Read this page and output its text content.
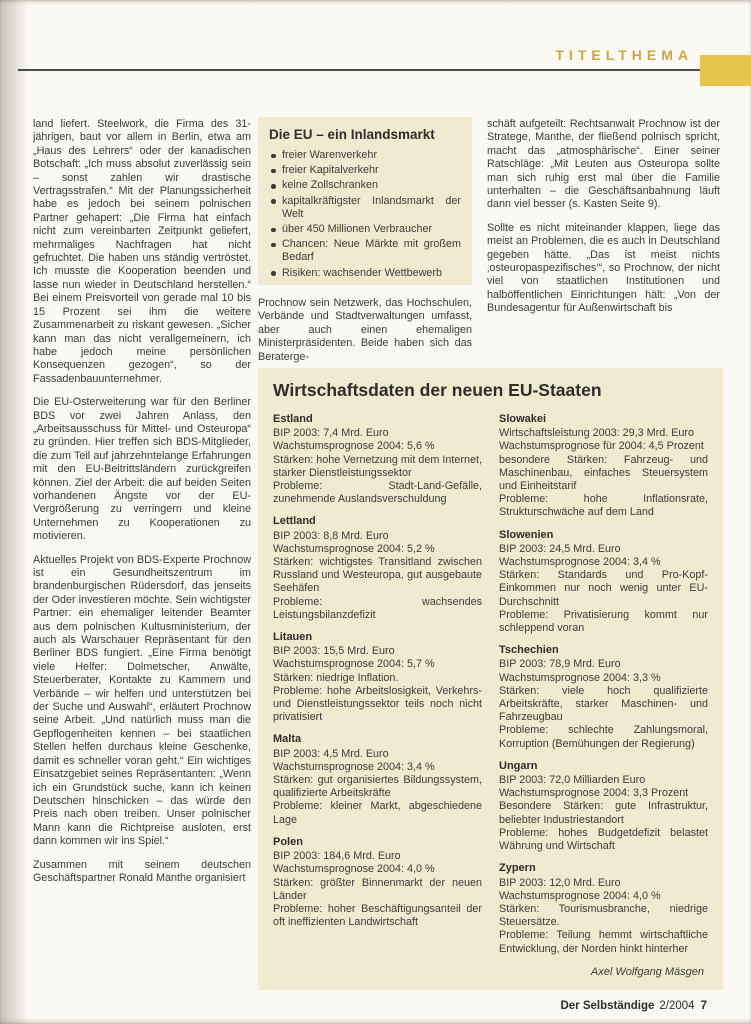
TITELTHEMA

land liefert. Steelwork, die Firma des 31-jährigen, baut vor allem in Berlin, etwa am „Haus des Lehrers“ oder der kanadischen Botschaft: „Ich muss absolut zuverlässig sein – sonst zahlen wir drastische Vertragsstrafen.“ Mit der Planungssicherheit habe es jedoch bei seinem polnischen Partner gehapert: „Die Firma hat einfach nicht zum vereinbarten Zeitpunkt geliefert, mehrmaliges Nachfragen hat nicht gefruchtet. Die haben uns ständig vertröstet. Ich musste die Kooperation beenden und lasse nun wieder in Deutschland herstellen.“ Bei einem Preisvorteil von gerade mal 10 bis 15 Prozent sei ihm die weitere Zusammenarbeit zu riskant gewesen. „Sicher kann man das nicht verallgemeinern, ich habe jedoch meine persönlichen Konsequenzen gezogen“, so der Fassadenbauunternehmer.

Die EU-Osterweiterung war für den Berliner BDS vor zwei Jahren Anlass, den „Arbeitsausschuss für Mittel- und Osteuropa“ zu gründen. Hier treffen sich BDS-Mitglieder, die zum Teil auf jahrzehntelange Erfahrungen mit den EU-Beitrittsländern zurückgreifen können. Ziel der Arbeit: die auf beiden Seiten vorhandenen Ängste vor der EU-Vergrößerung zu verringern und kleine Unternehmen zu Kooperationen zu motivieren.

Aktuelles Projekt von BDS-Experte Prochnow ist ein Gesundheitszentrum im brandenburgischen Rüdersdorf, das jenseits der Oder investieren möchte. Sein wichtigster Partner: ein ehemaliger leitender Beamter aus dem polnischen Kultusministerium, der auch als Warschauer Repräsentant für den Berliner BDS fungiert. „Eine Firma benötigt viele Helfer: Dolmetscher, Anwälte, Steuerberater, Kontakte zu Kammern und Verbände – wir helfen und unterstützen bei der Suche und Auswahl“, erläutert Prochnow seine Arbeit. „Und natürlich muss man die Gepflogenheiten kennen – bei staatlichen Stellen helfen durchaus kleine Geschenke, damit es schneller voran geht.“ Ein wichtiges Einsatzgebiet seines Repräsentanten: „Wenn ich ein Grundstück suche, kann ich keinen Deutschen hinschicken – das würde den Preis nach oben treiben. Unser polnischer Mann kann die Richtpreise ausloten, erst dann kommen wir ins Spiel.“

Zusammen mit seinem deutschen Geschäftspartner Ronald Manthe organisiert

Die EU – ein Inlandsmarkt
freier Warenverkehr
freier Kapitalverkehr
keine Zollschranken
kapitalkräftigster Inlandsmarkt der Welt
über 450 Millionen Verbraucher
Chancen: Neue Märkte mit großem Bedarf
Risiken: wachsender Wettbewerb

Prochnow sein Netzwerk, das Hochschulen, Verbände und Stadtverwaltungen umfasst, aber auch einen ehemaligen Ministerpräsidenten. Beide haben sich das Beraterge-

schäft aufgeteilt: Rechtsanwalt Prochnow ist der Stratege, Manthe, der fließend polnisch spricht, macht das „atmosphärische“. Einer seiner Ratschläge: „Mit Leuten aus Osteuropa sollte man sich ruhig erst mal über die Familie unterhalten – die Geschäftsanbahnung läuft dann viel besser (s. Kasten Seite 9).

Sollte es nicht miteinander klappen, liege das meist an Problemen, die es auch in Deutschland gegeben hätte. „Das ist meist nichts ‚osteuropaspezifisches‘“, so Prochnow, der nicht viel von staatlichen Institutionen und halböffentlichen Einrichtungen hält: „Von der Bundesagentur für Außenwirtschaft bis

Wirtschaftsdaten der neuen EU-Staaten
Estland
BIP 2003: 7,4 Mrd. Euro
Wachstumsprognose 2004: 5,6 %
Stärken: hohe Vernetzung mit dem Internet, starker Dienstleistungssektor
Probleme: Stadt-Land-Gefälle, zunehmende Auslandsverschuldung
Lettland
BIP 2003: 8,8 Mrd. Euro
Wachstumsprognose 2004: 5,2 %
Stärken: wichtigstes Transitland zwischen Russland und Westeuropa, gut ausgebaute Seehäfen
Probleme: wachsendes Leistungsbilanzdefizit
Litauen
BIP 2003: 15,5 Mrd. Euro
Wachstumsprognose 2004: 5,7 %
Stärken: niedrige Inflation.
Probleme: hohe Arbeitslosigkeit, Verkehrs- und Dienstleistungssektor teils noch nicht privatisiert
Malta
BIP 2003: 4,5 Mrd. Euro
Wachstumsprognose 2004: 3,4 %
Stärken: gut organisiertes Bildungssystem, qualifizierte Arbeitskräfte
Probleme: kleiner Markt, abgeschiedene Lage
Polen
BIP 2003: 184,6 Mrd. Euro
Wachstumsprognose 2004: 4,0 %
Stärken: größter Binnenmarkt der neuen Länder
Probleme: hoher Beschäftigungsanteil der oft ineffizienten Landwirtschaft
Slowakei
Wirtschaftsleistung 2003: 29,3 Mrd. Euro
Wachstumsprognose für 2004: 4,5 Prozent
besondere Stärken: Fahrzeug- und Maschinenbau, einfaches Steuersystem und Einheitstarif
Probleme: hohe Inflationsrate, Strukturschwäche auf dem Land
Slowenien
BIP 2003: 24,5 Mrd. Euro
Wachstumsprognose 2004: 3,4 %
Stärken: Standards und Pro-Kopf-Einkommen nur noch wenig unter EU-Durchschnitt
Probleme: Privatisierung kommt nur schleppend voran
Tschechien
BIP 2003: 78,9 Mrd. Euro
Wachstumsprognose 2004: 3,3 %
Stärken: viele hoch qualifizierte Arbeitskräfte, starker Maschinen- und Fahrzeugbau
Probleme: schlechte Zahlungsmoral, Korruption (Bemühungen der Regierung)
Ungarn
BIP 2003: 72,0 Milliarden Euro
Wachstumsprognose 2004: 3,3 Prozent
Besondere Stärken: gute Infrastruktur, beliebter Industriestandort
Probleme: hohes Budgetdefizit belastet Währung und Wirtschaft
Zypern
BIP 2003: 12,0 Mrd. Euro
Wachstumsprognose 2004: 4,0 %
Stärken: Tourismusbranche, niedrige Steuersätze.
Probleme: Teilung hemmt wirtschaftliche Entwicklung, der Norden hinkt hinterher
Axel Wolfgang Mäsgen
Der Selbständige 2/2004 7
